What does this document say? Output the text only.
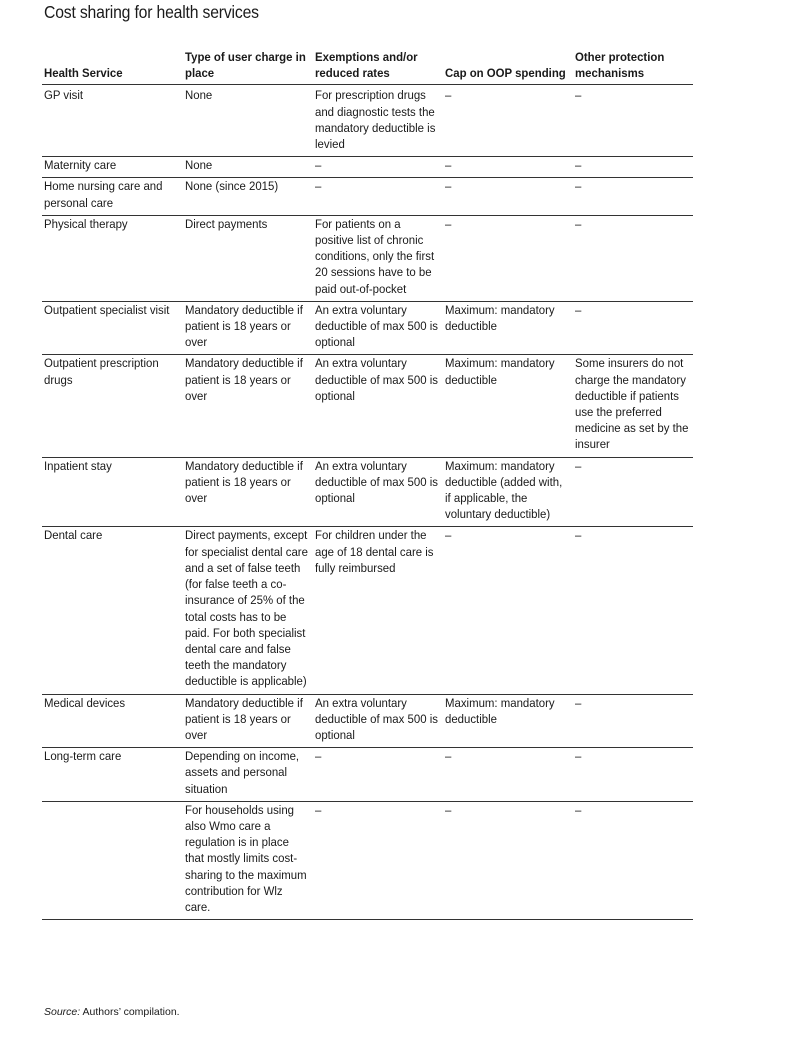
Cost sharing for health services
Health Service	Type of user charge in place	Exemptions and/or reduced rates	Cap on OOP spending	Other protection mechanisms

GP visit	None	For prescription drugs and diagnostic tests the mandatory deductible is levied	–	–

Maternity care	None	–	–	–

Home nursing care and personal care	None (since 2015)	–	–	–

Physical therapy	Direct payments	For patients on a positive list of chronic conditions, only the first 20 sessions have to be paid out-of-pocket	–	–

Outpatient specialist visit	Mandatory deductible if patient is 18 years or over	An extra voluntary deductible of max 500 is optional	Maximum: mandatory deductible	–

Outpatient prescription drugs	Mandatory deductible if patient is 18 years or over	An extra voluntary deductible of max 500 is optional	Maximum: mandatory deductible	Some insurers do not charge the mandatory deductible if patients use the preferred medicine as set by the insurer

Inpatient stay	Mandatory deductible if patient is 18 years or over	An extra voluntary deductible of max 500 is optional	Maximum: mandatory deductible (added with, if applicable, the voluntary deductible)	–

Dental care	Direct payments, except for specialist dental care and a set of false teeth (for false teeth a co-insurance of 25% of the total costs has to be paid. For both specialist dental care and false teeth the mandatory deductible is applicable)	For children under the age of 18 dental care is fully reimbursed	–	–

Medical devices	Mandatory deductible if patient is 18 years or over	An extra voluntary deductible of max 500 is optional	Maximum: mandatory deductible	–

Long-term care	Depending on income, assets and personal situation	–	–	–

	For households using also Wmo care a regulation is in place that mostly limits cost-sharing to the maximum contribution for Wlz care.	–	–	–
Source: Authors’ compilation.
